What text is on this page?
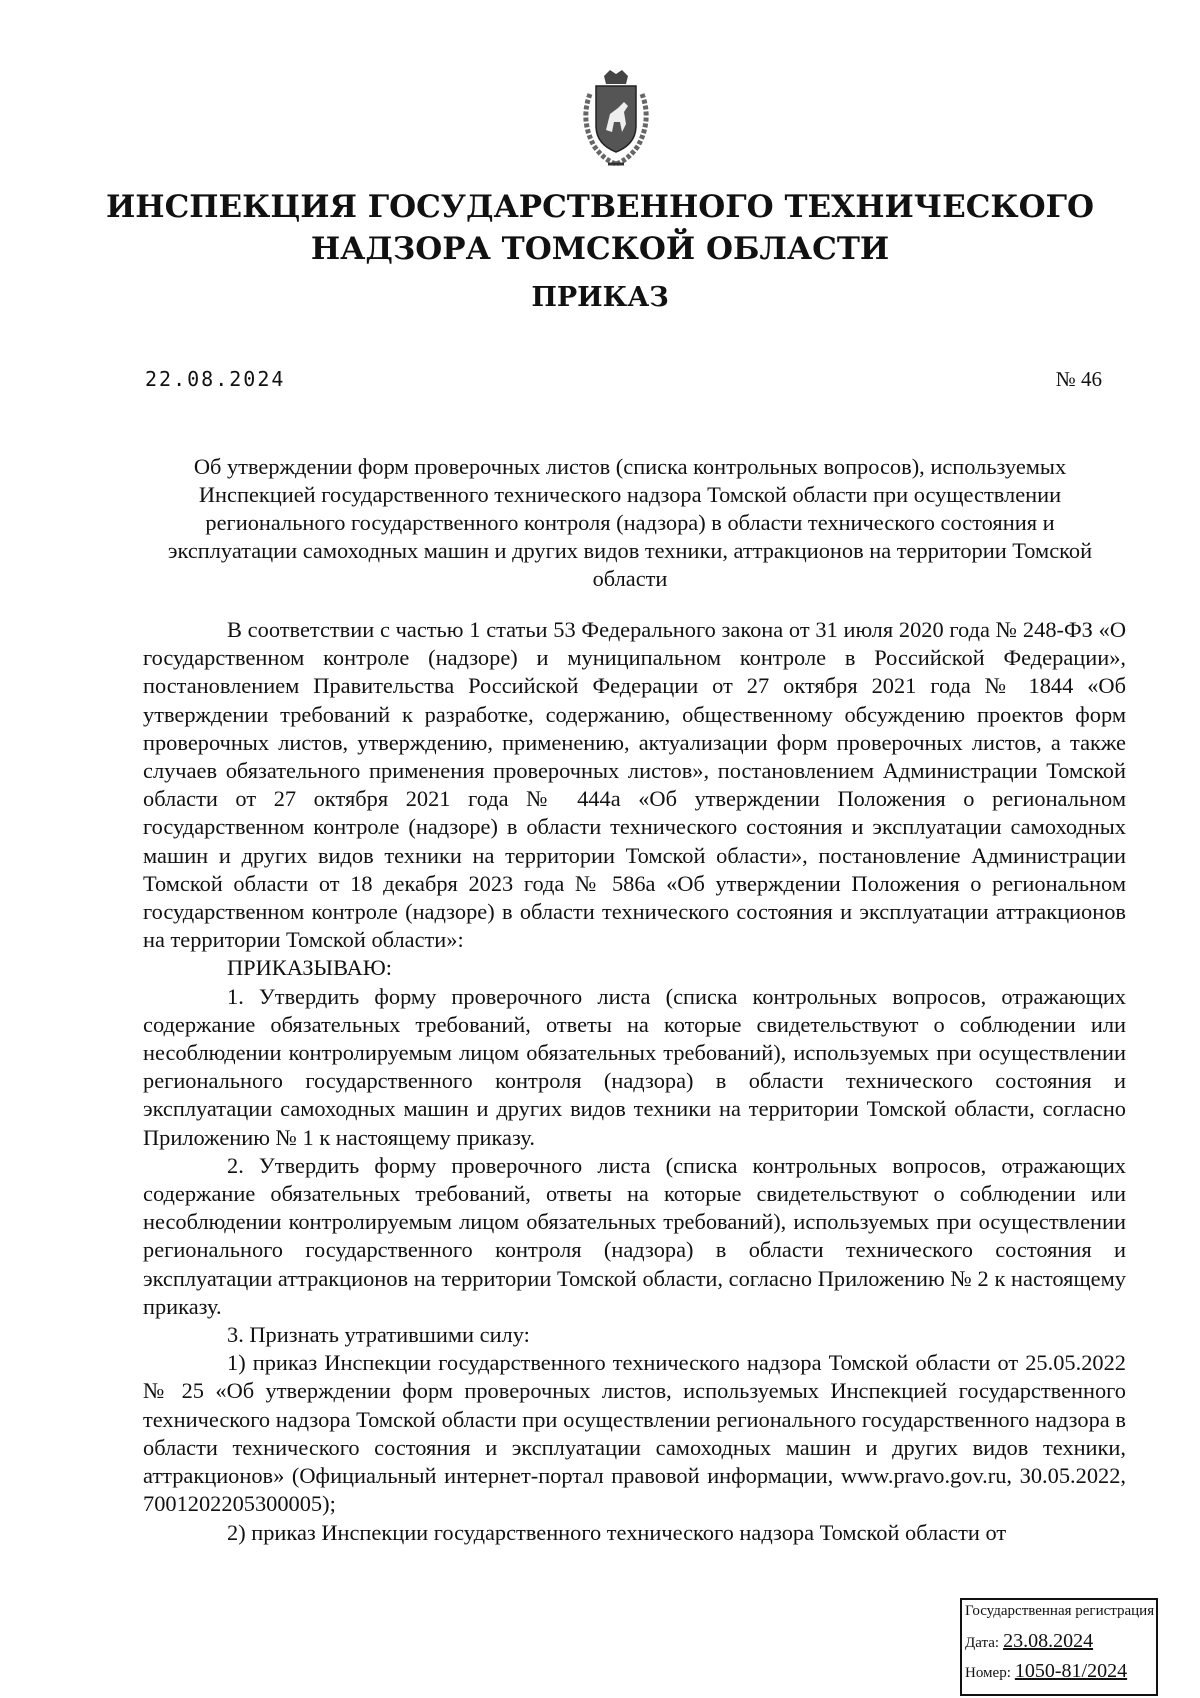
ИНСПЕКЦИЯ ГОСУДАРСТВЕННОГО ТЕХНИЧЕСКОГО
НАДЗОРА ТОМСКОЙ ОБЛАСТИ
ПРИКАЗ
22.08.2024	№ 46
Об утверждении форм проверочных листов (списка контрольных вопросов), используемых Инспекцией государственного технического надзора Томской области при осуществлении регионального государственного контроля (надзора) в области технического состояния и эксплуатации самоходных машин и других видов техники, аттракционов на территории Томской области

В соответствии с частью 1 статьи 53 Федерального закона от 31 июля 2020 года № 248-ФЗ «О государственном контроле (надзоре) и муниципальном контроле в Российской Федерации», постановлением Правительства Российской Федерации от 27 октября 2021 года № 1844 «Об утверждении требований к разработке, содержанию, общественному обсуждению проектов форм проверочных листов, утверждению, применению, актуализации форм проверочных листов, а также случаев обязательного применения проверочных листов», постановлением Администрации Томской области от 27 октября 2021 года № 444а «Об утверждении Положения о региональном государственном контроле (надзоре) в области технического состояния и эксплуатации самоходных машин и других видов техники на территории Томской области», постановление Администрации Томской области от 18 декабря 2023 года № 586а «Об утверждении Положения о региональном государственном контроле (надзоре) в области технического состояния и эксплуатации аттракционов на территории Томской области»:

ПРИКАЗЫВАЮ:

1. Утвердить форму проверочного листа (списка контрольных вопросов, отражающих содержание обязательных требований, ответы на которые свидетельствуют о соблюдении или несоблюдении контролируемым лицом обязательных требований), используемых при осуществлении регионального государственного контроля (надзора) в области технического состояния и эксплуатации самоходных машин и других видов техники на территории Томской области, согласно Приложению № 1 к настоящему приказу.

2. Утвердить форму проверочного листа (списка контрольных вопросов, отражающих содержание обязательных требований, ответы на которые свидетельствуют о соблюдении или несоблюдении контролируемым лицом обязательных требований), используемых при осуществлении регионального государственного контроля (надзора) в области технического состояния и эксплуатации аттракционов на территории Томской области, согласно Приложению № 2 к настоящему приказу.

3. Признать утратившими силу:

1) приказ Инспекции государственного технического надзора Томской области от 25.05.2022 № 25 «Об утверждении форм проверочных листов, используемых Инспекцией государственного технического надзора Томской области при осуществлении регионального государственного надзора в области технического состояния и эксплуатации самоходных машин и других видов техники, аттракционов» (Официальный интернет-портал правовой информации, www.pravo.gov.ru, 30.05.2022, 7001202205300005);

2) приказ Инспекции государственного технического надзора Томской области от

Государственная регистрация
Дата: 23.08.2024
Номер: 1050-81/2024
